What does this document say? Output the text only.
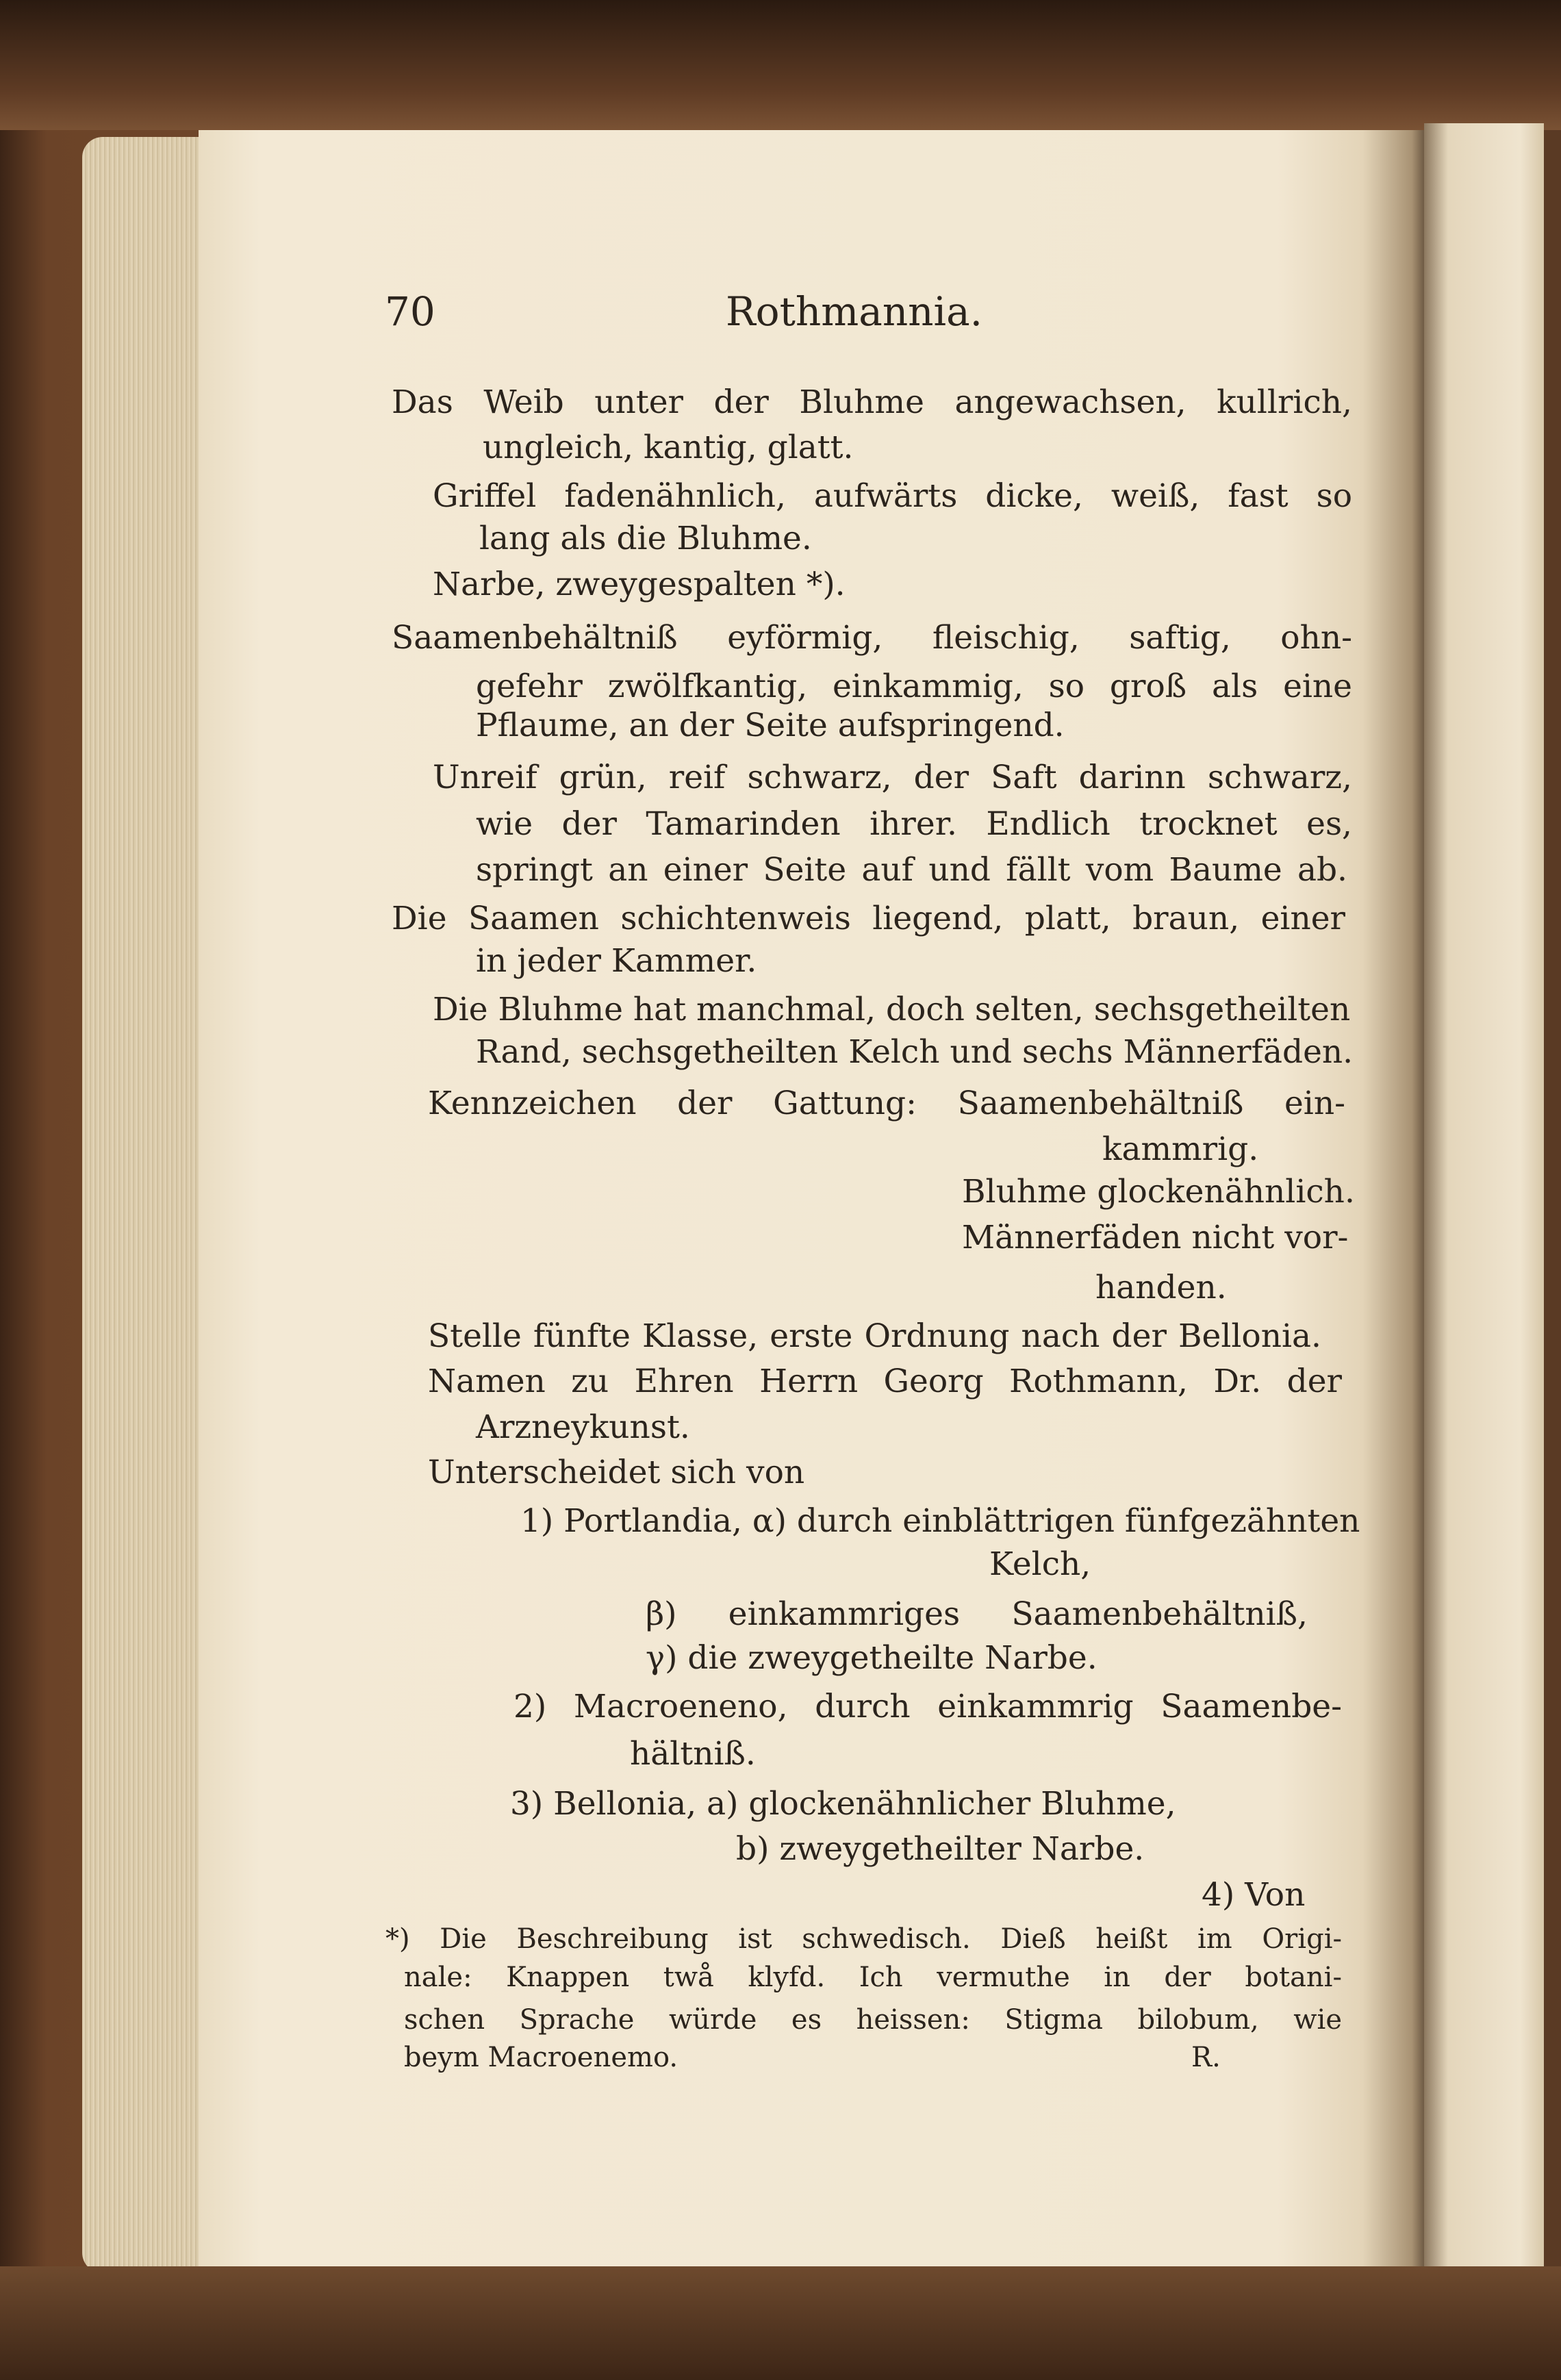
70	Rothmannia.
Das Weib unter der Bluhme angewachsen, kullrich,
ungleich, kantig, glatt.
Griffel fadenähnlich, aufwärts dicke, weiß, fast so
lang als die Bluhme.
Narbe, zweygespalten *).
Saamenbehältniß eyförmig, fleischig, saftig, ohn-
gefehr zwölfkantig, einkammig, so groß als eine
Pflaume, an der Seite aufspringend.
Unreif grün, reif schwarz, der Saft darinn schwarz,
wie der Tamarinden ihrer. Endlich trocknet es,
springt an einer Seite auf und fällt vom Baume ab.
Die Saamen schichtenweis liegend, platt, braun, einer
in jeder Kammer.
Die Bluhme hat manchmal, doch selten, sechsgetheilten
Rand, sechsgetheilten Kelch und sechs Männerfäden.
Kennzeichen der Gattung: Saamenbehältniß ein-
kammrig.
Bluhme glockenähnlich.
Männerfäden nicht vor-
handen.
Stelle fünfte Klasse, erste Ordnung nach der Bellonia.
Namen zu Ehren Herrn Georg Rothmann, Dr. der
Arzneykunst.
Unterscheidet sich von
1) Portlandia, α) durch einblättrigen fünfgezähnten
Kelch,
β) einkammriges Saamenbehältniß,
γ) die zweygetheilte Narbe.
2) Macroeneno, durch einkammrig Saamenbe-
hältniß.
3) Bellonia, a) glockenähnlicher Bluhme,
b) zweygetheilter Narbe.
4) Von
*) Die Beschreibung ist schwedisch. Dieß heißt im Origi-
nale: Knappen twå klyfd. Ich vermuthe in der botani-
schen Sprache würde es heissen: Stigma bilobum, wie
beym Macroenemo.	R.
